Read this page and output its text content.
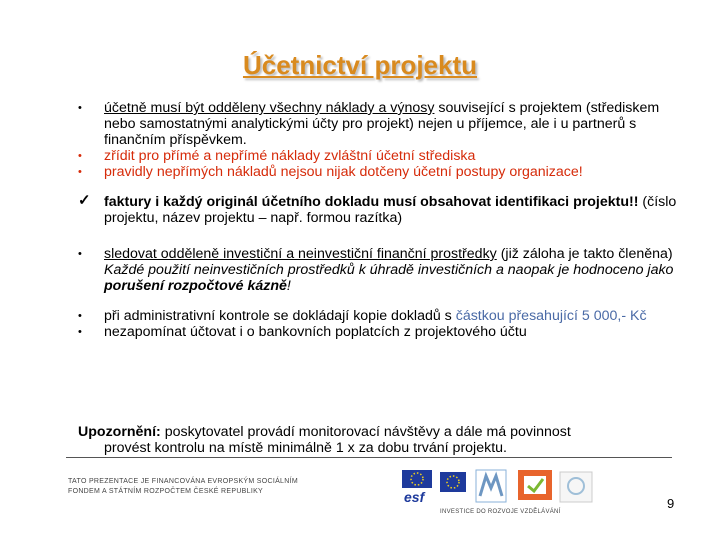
Účetnictví projektu
•	účetně musí být odděleny všechny náklady a výnosy související s projektem (střediskem nebo samostatnými analytickými účty pro projekt) nejen u příjemce, ale i u partnerů s finančním příspěvkem.
•	zřídit pro přímé a nepřímé náklady zvláštní účetní střediska
•	pravidly nepřímých nákladů nejsou nijak dotčeny účetní postupy organizace!
✓ faktury i každý originál účetního dokladu musí obsahovat identifikaci projektu!! (číslo projektu, název projektu – např. formou razítka)
•	sledovat odděleně investiční a neinvestiční finanční prostředky (již záloha je takto členěna)
Každé použití neinvestičních prostředků k úhradě investičních a naopak je hodnoceno jako porušení rozpočtové kázně!
•	při administrativní kontrole se dokládají kopie dokladů s částkou přesahující 5 000,- Kč
•	nezapomínat účtovat i o bankovních poplatcích z projektového účtu
Upozornění: poskytovatel provádí monitorovací návštěvy a dále má povinnost
provést kontrolu na místě minimálně 1 x za dobu trvání projektu.
TATO PREZENTACE JE FINANCOVÁNA EVROPSKÝM SOCIÁLNÍM
FONDEM A STÁTNÍM ROZPOČTEM ČESKÉ REPUBLIKY	esf
INVESTICE DO ROZVOJE VZDĚLÁVÁNÍ
9
